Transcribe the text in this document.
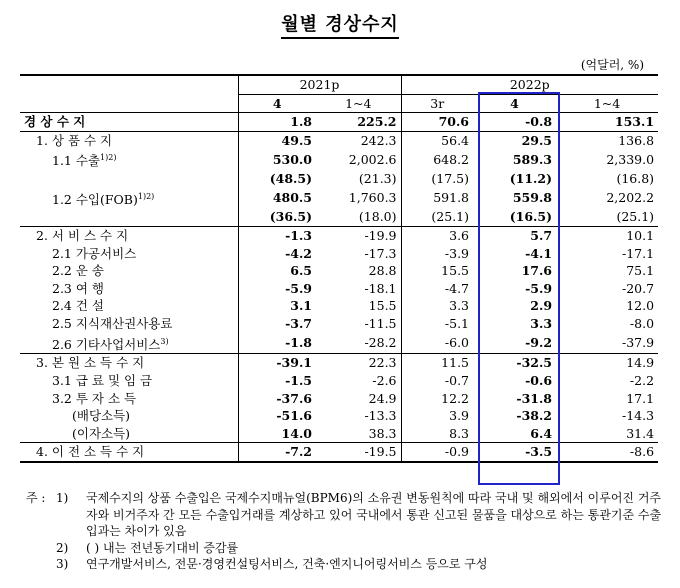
월별 경상수지
(억달러, %)
	2021p		2022p		
	4	1~4	3r	4	1~4
경 상 수 지	1.8	225.2	70.6	-0.8	153.1
1. 상 품 수 지	49.5	242.3	56.4	29.5	136.8
1.1 수출$^{1)2)}$	530.0	2,002.6	648.2	589.3	2,339.0
	(48.5)	(21.3)	(17.5)	(11.2)	(16.8)
1.2 수입(FOB)$^{1)2)}$	480.5	1,760.3	591.8	559.8	2,202.2
	(36.5)	(18.0)	(25.1)	(16.5)	(25.1)
2. 서 비 스 수 지	-1.3	-19.9	3.6	5.7	10.1
2.1 가공서비스	-4.2	-17.3	-3.9	-4.1	-17.1
2.2 운 송	6.5	28.8	15.5	17.6	75.1
2.3 여 행	-5.9	-18.1	-4.7	-5.9	-20.7
2.4 건 설	3.1	15.5	3.3	2.9	12.0
2.5 지식재산권사용료	-3.7	-11.5	-5.1	3.3	-8.0
2.6 기타사업서비스$^{3)}$	-1.8	-28.2	-6.0	-9.2	-37.9
3. 본 원 소 득 수 지	-39.1	22.3	11.5	-32.5	14.9
3.1 급 료 및 임 금	-1.5	-2.6	-0.7	-0.6	-2.2
3.2 투 자 소 득	-37.6	24.9	12.2	-31.8	17.1
(배당소득)	-51.6	-13.3	3.9	-38.2	-14.3
(이자소득)	14.0	38.3	8.3	6.4	31.4
4. 이 전 소 득 수 지	-7.2	-19.5	-0.9	-3.5	-8.6
주 : 1)	국제수지의 상품 수출입은 국제수지매뉴얼(BPM6)의 소유권 변동원칙에 따라 국내 및 해외에서 이루어진 거주자와 비거주자 간 모든 수출입거래를 계상하고 있어 국내에서 통관 신고된 물품을 대상으로 하는 통관기준 수출입과는 차이가 있음
2)	( ) 내는 전년동기대비 증감률
3)	연구개발서비스, 전문·경영컨설팅서비스, 건축·엔지니어링서비스 등으로 구성
